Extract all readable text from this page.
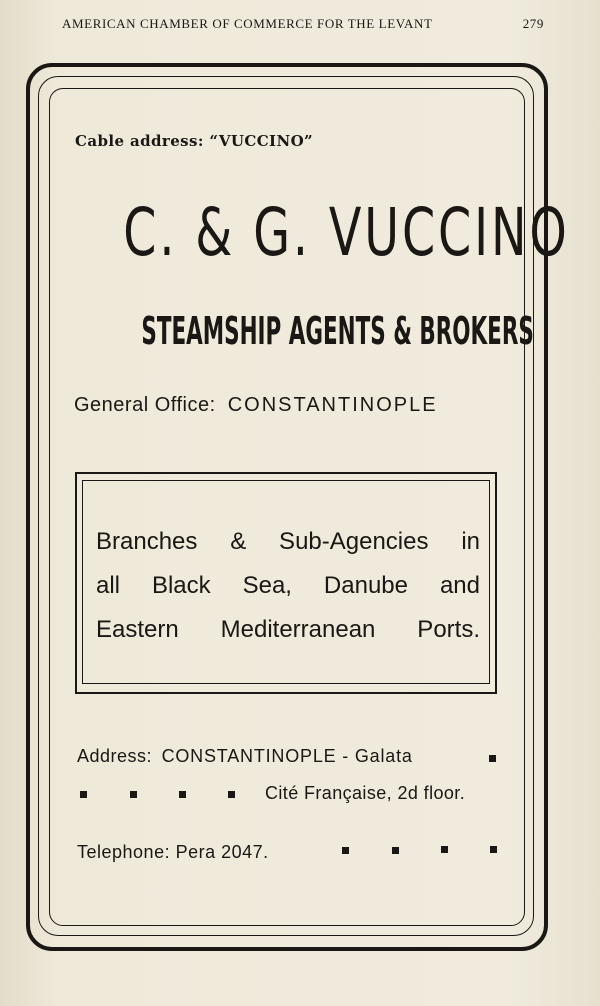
AMERICAN CHAMBER OF COMMERCE FOR THE LEVANT	279
Cable address: “VUCCINO”
C. & G. VUCCINO
STEAMSHIP AGENTS & BROKERS
General Office: CONSTANTINOPLE
Branches & Sub-Agencies in
all Black Sea, Danube and
Eastern Mediterranean Ports.
Address: CONSTANTINOPLE - Galata
Cité Française, 2d floor.
Telephone: Pera 2047.
